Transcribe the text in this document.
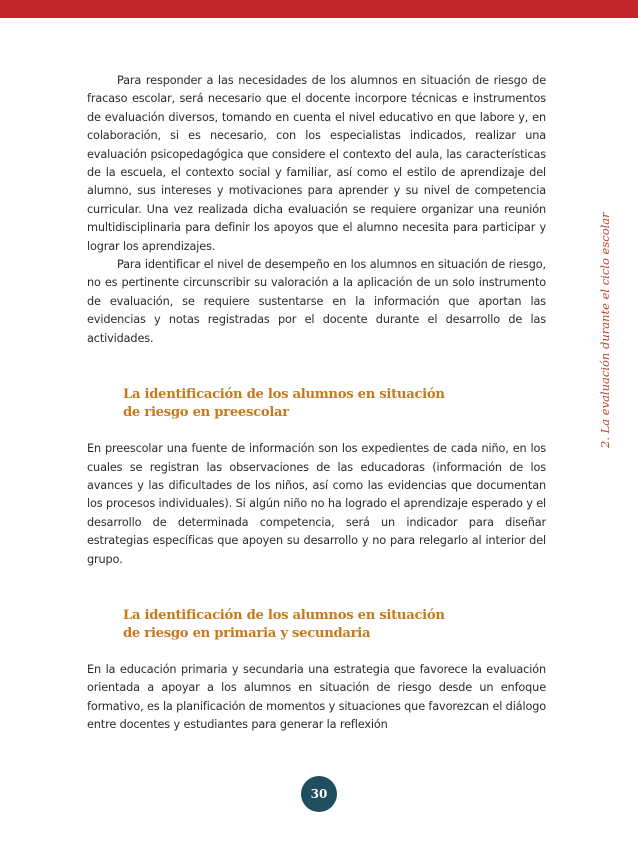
2. La evaluación durante el ciclo escolar

Para responder a las necesidades de los alumnos en situación de riesgo de fracaso escolar, será necesario que el docente incorpore técnicas e instrumentos de evaluación diversos, tomando en cuenta el nivel educativo en que labore y, en colaboración, si es necesario, con los especialistas indicados, realizar una evaluación psicopedagógica que considere el contexto del aula, las características de la escuela, el contexto social y familiar, así como el estilo de aprendizaje del alumno, sus intereses y motivaciones para aprender y su nivel de competencia curricular. Una vez realizada dicha evaluación se requiere organizar una reunión multidisciplinaria para definir los apoyos que el alumno necesita para participar y lograr los aprendizajes.

Para identificar el nivel de desempeño en los alumnos en situación de riesgo, no es pertinente circunscribir su valoración a la aplicación de un solo instrumento de evaluación, se requiere sustentarse en la información que aportan las evidencias y notas registradas por el docente durante el desarrollo de las actividades.

La identificación de los alumnos en situación
de riesgo en preescolar

En preescolar una fuente de información son los expedientes de cada niño, en los cuales se registran las observaciones de las educadoras (información de los avances y las dificultades de los niños, así como las evidencias que documentan los procesos individuales). Si algún niño no ha logrado el aprendizaje esperado y el desarrollo de determinada competencia, será un indicador para diseñar estrategias específicas que apoyen su desarrollo y no para relegarlo al interior del grupo.

La identificación de los alumnos en situación
de riesgo en primaria y secundaria

En la educación primaria y secundaria una estrategia que favorece la evaluación orientada a apoyar a los alumnos en situación de riesgo desde un enfoque formativo, es la planificación de momentos y situaciones que favorezcan el diálogo entre docentes y estudiantes para generar la reflexión

30
